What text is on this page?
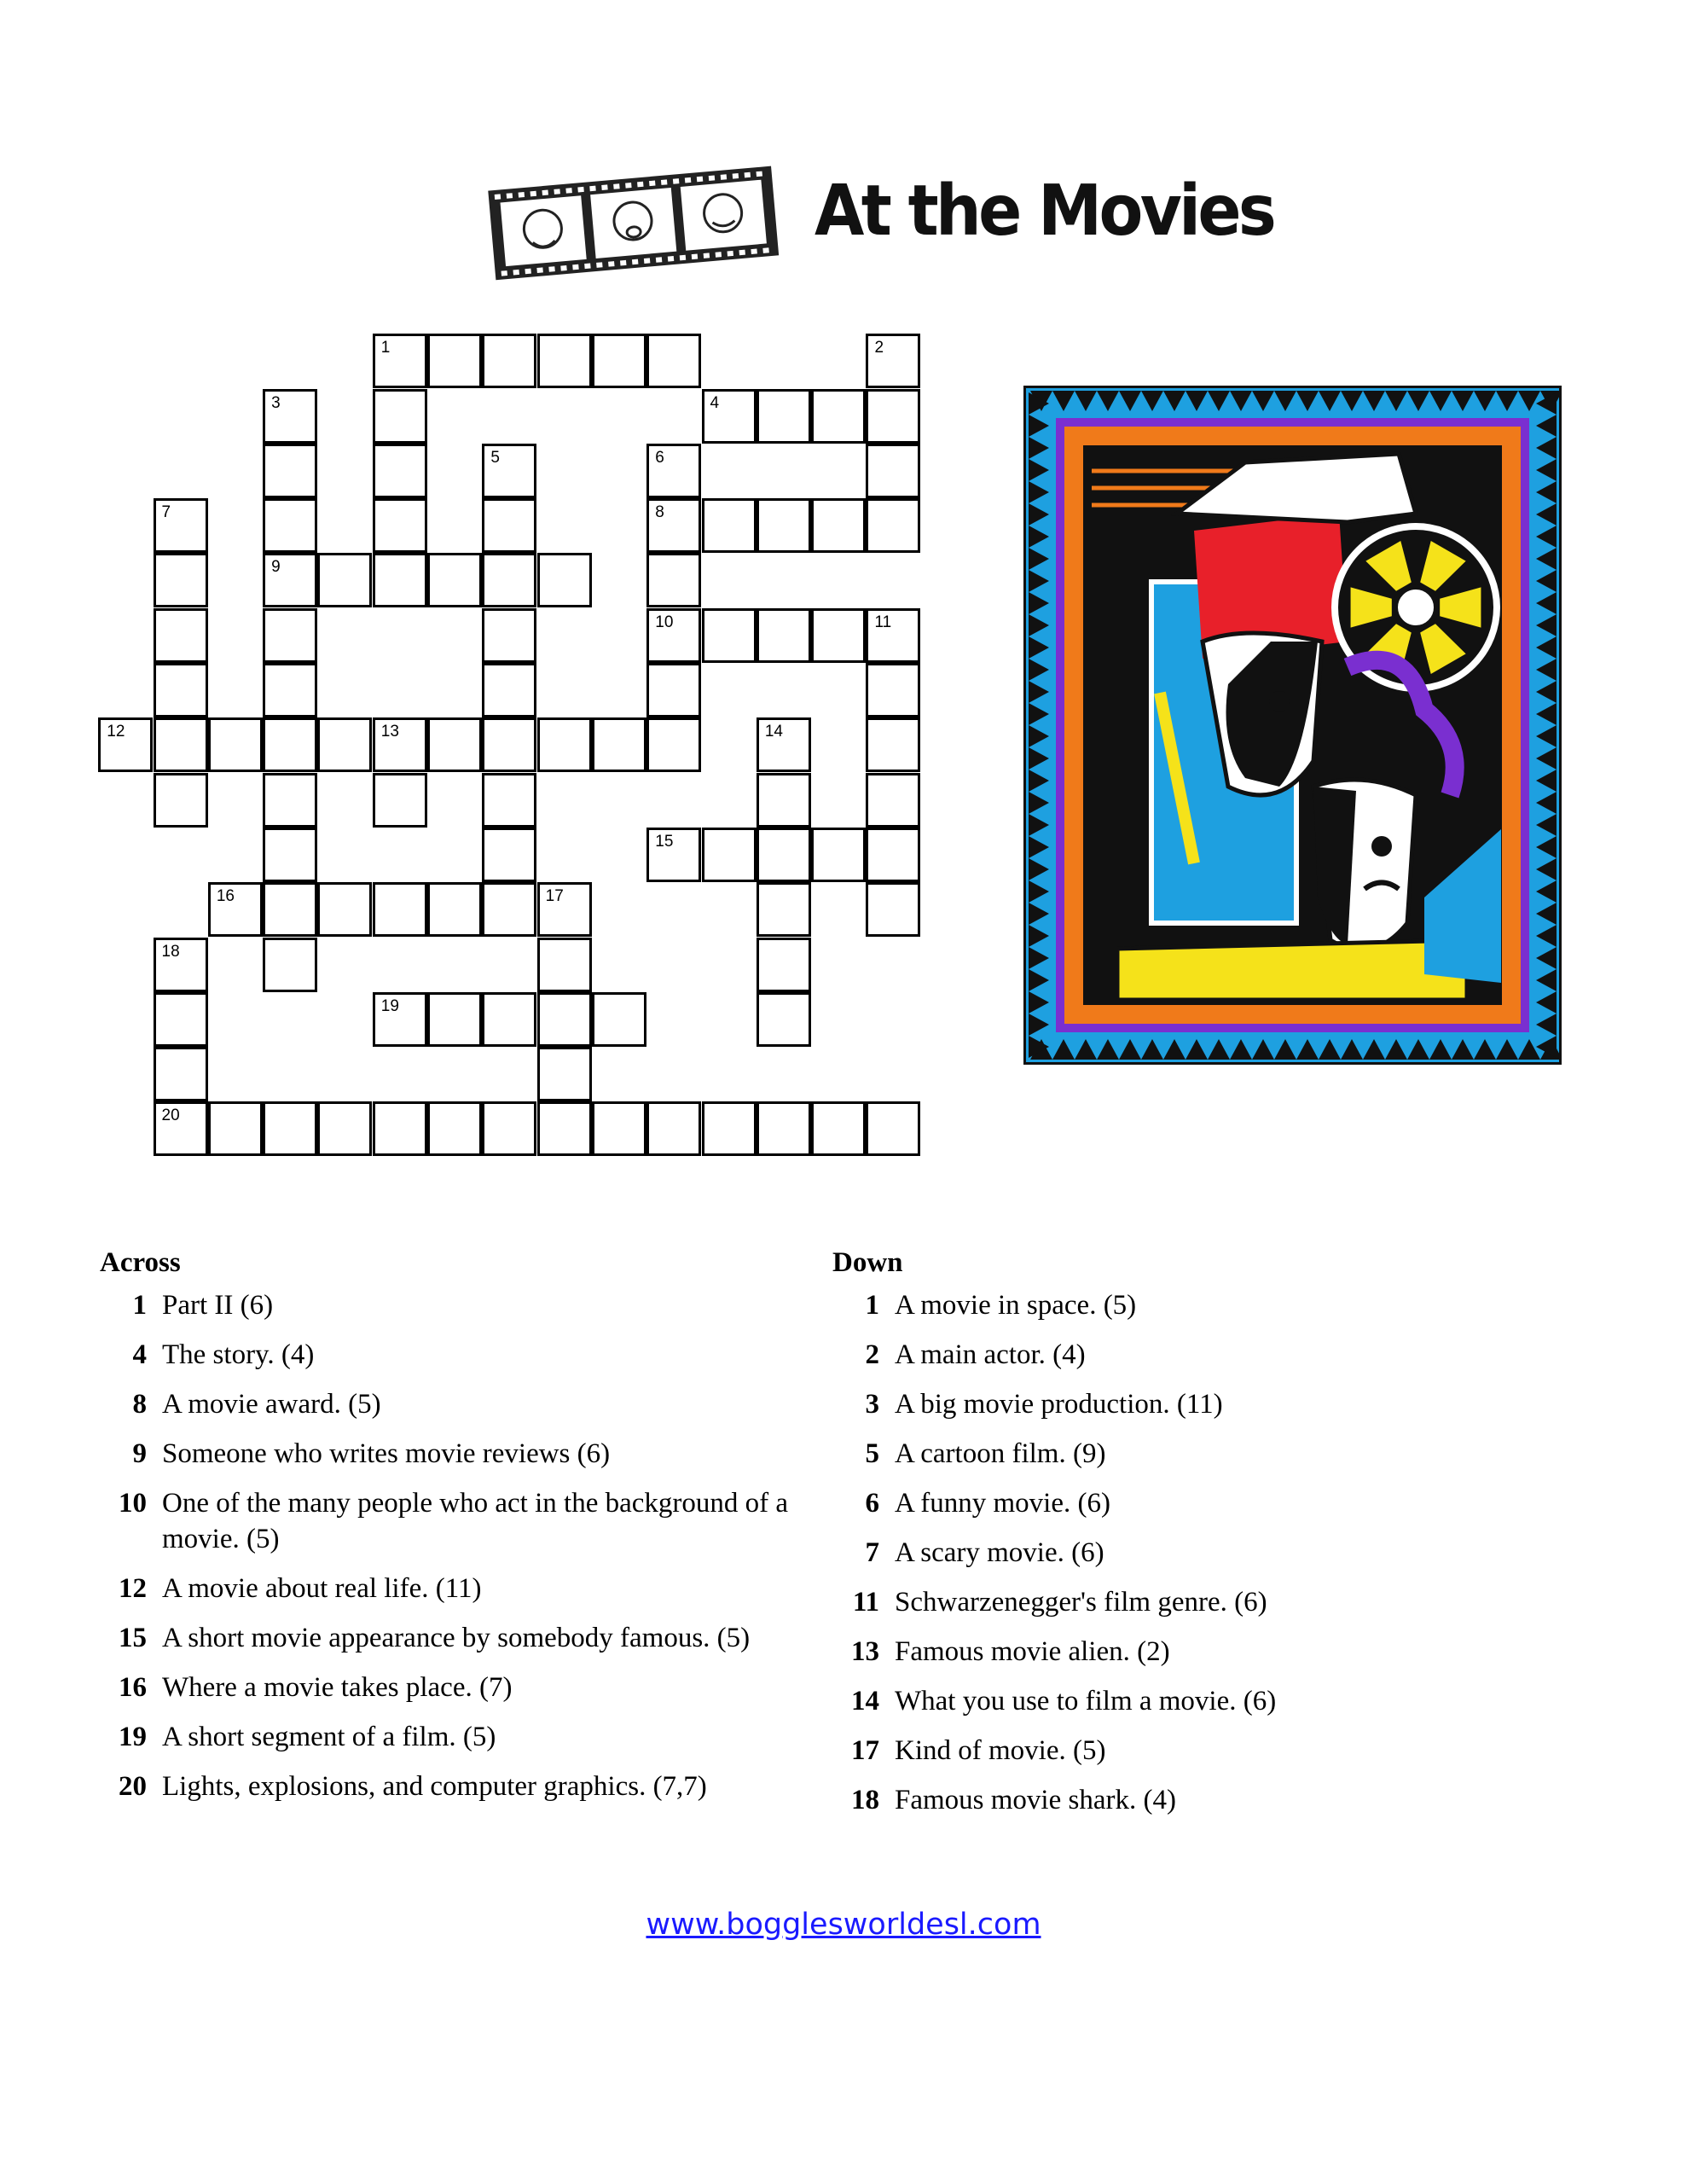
At the Movies
1	2
3
9
4
5	6
8
10
7
11
12	13	14
15
16	17
18
20
19
Across
1 Part II (6)
4 The story. (4)
8 A movie award. (5)
9 Someone who writes movie reviews (6)
10 One of the many people who act in the background of a movie. (5)
12 A movie about real life. (11)
15 A short movie appearance by somebody famous. (5)
16 Where a movie takes place. (7)
19 A short segment of a film. (5)
20 Lights, explosions, and computer graphics. (7,7)
Down
1 A movie in space. (5)
2 A main actor. (4)
3 A big movie production. (11)
5 A cartoon film. (9)
6 A funny movie. (6)
7 A scary movie. (6)
11 Schwarzenegger's film genre. (6)
13 Famous movie alien. (2)
14 What you use to film a movie. (6)
17 Kind of movie. (5)
18 Famous movie shark. (4)
www.bogglesworldesl.com
